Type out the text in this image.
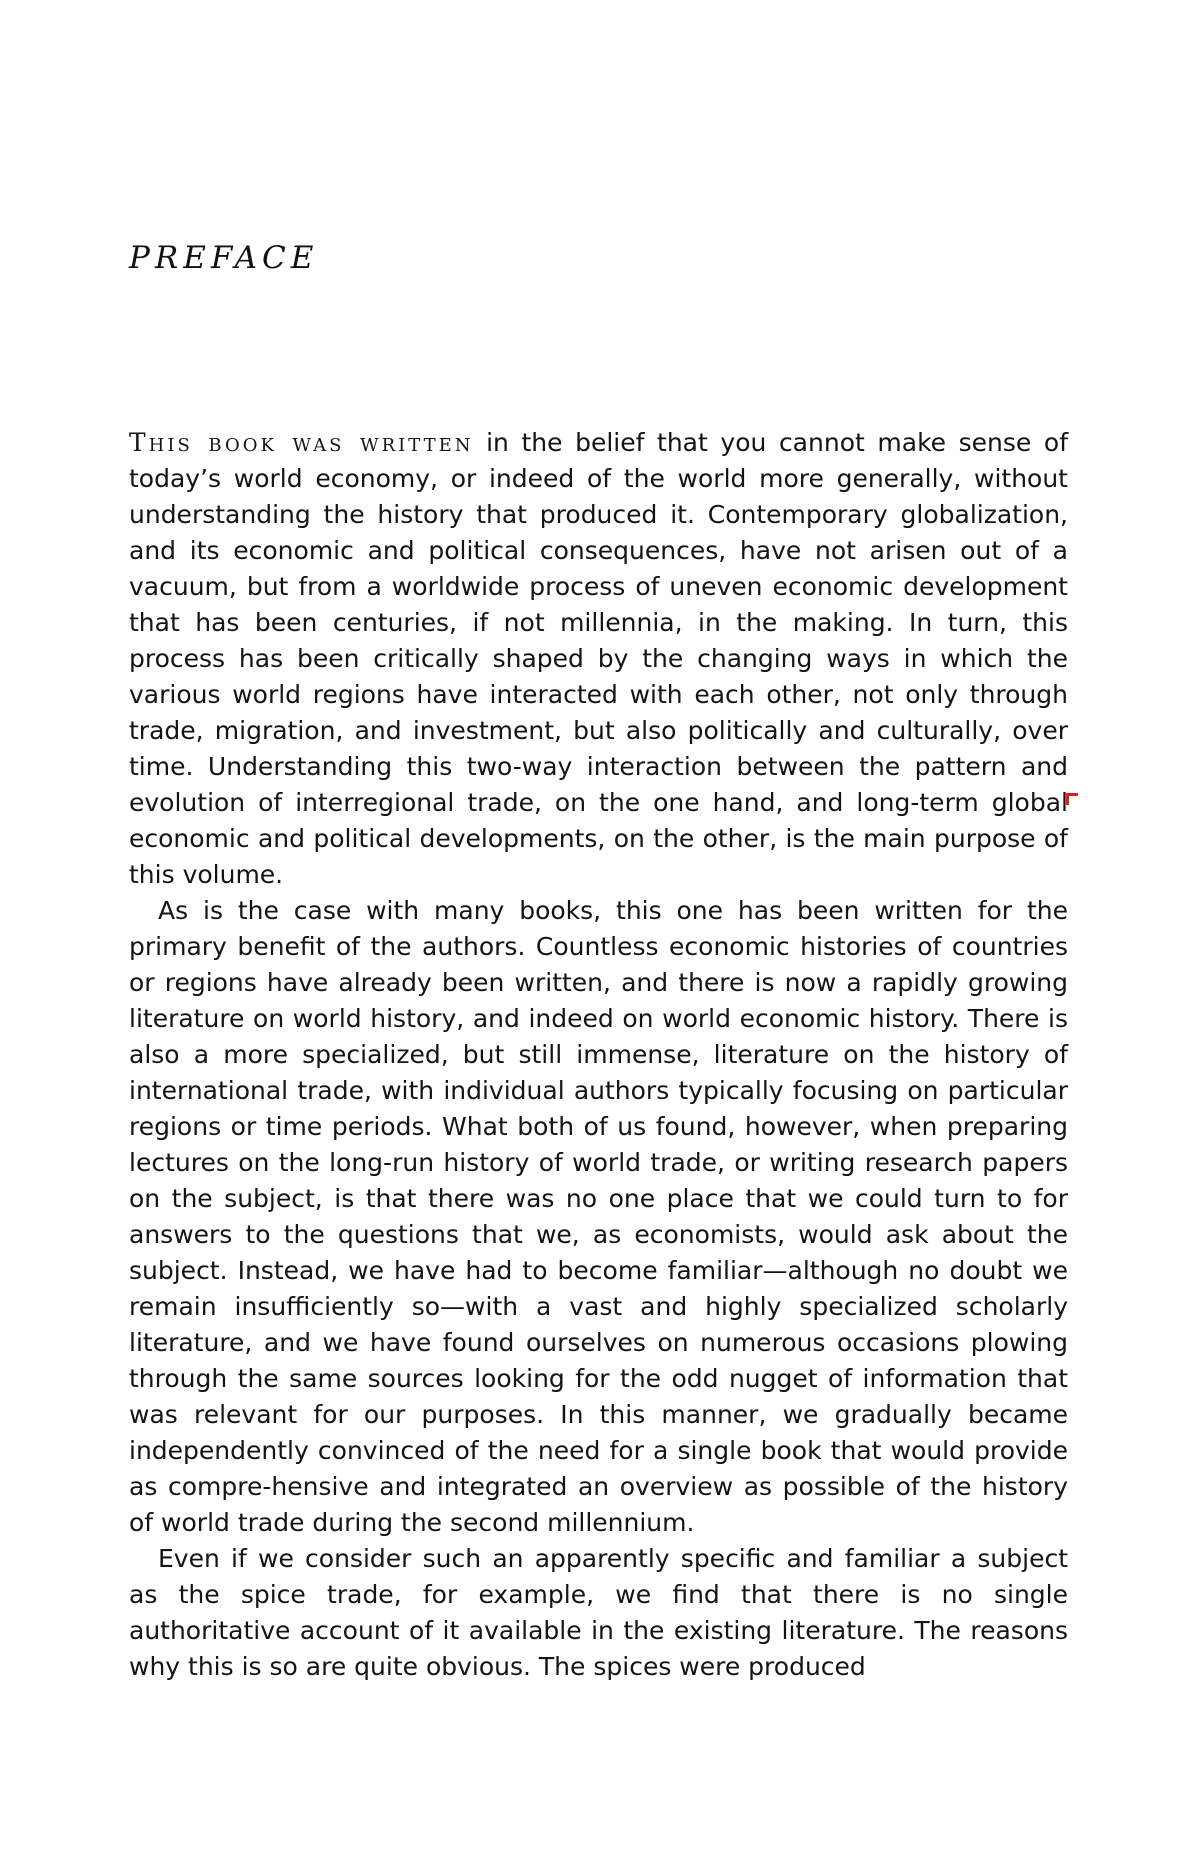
PREFACE

This book was written in the belief that you cannot make sense of today’s world economy, or indeed of the world more generally, without understanding the history that produced it. Contemporary globalization, and its economic and political consequences, have not arisen out of a vacuum, but from a worldwide process of uneven economic development that has been centuries, if not millennia, in the making. In turn, this process has been critically shaped by the changing ways in which the various world regions have interacted with each other, not only through trade, migration, and investment, but also politically and culturally, over time. Understanding this two-way interaction between the pattern and evolution of interregional trade, on the one hand, and long-term global economic and political developments, on the other, is the main purpose of this volume.

As is the case with many books, this one has been written for the primary benefit of the authors. Countless economic histories of countries or regions have already been written, and there is now a rapidly growing literature on world history, and indeed on world economic history. There is also a more specialized, but still immense, literature on the history of international trade, with individual authors typically focusing on particular regions or time periods. What both of us found, however, when preparing lectures on the long-run history of world trade, or writing research papers on the subject, is that there was no one place that we could turn to for answers to the questions that we, as economists, would ask about the subject. Instead, we have had to become familiar—although no doubt we remain insufficiently so—with a vast and highly specialized scholarly literature, and we have found ourselves on numerous occasions plowing through the same sources looking for the odd nugget of information that was relevant for our purposes. In this manner, we gradually became independently convinced of the need for a single book that would provide as compre-hensive and integrated an overview as possible of the history of world trade during the second millennium.

Even if we consider such an apparently specific and familiar a subject as the spice trade, for example, we find that there is no single authoritative account of it available in the existing literature. The reasons why this is so are quite obvious. The spices were produced
